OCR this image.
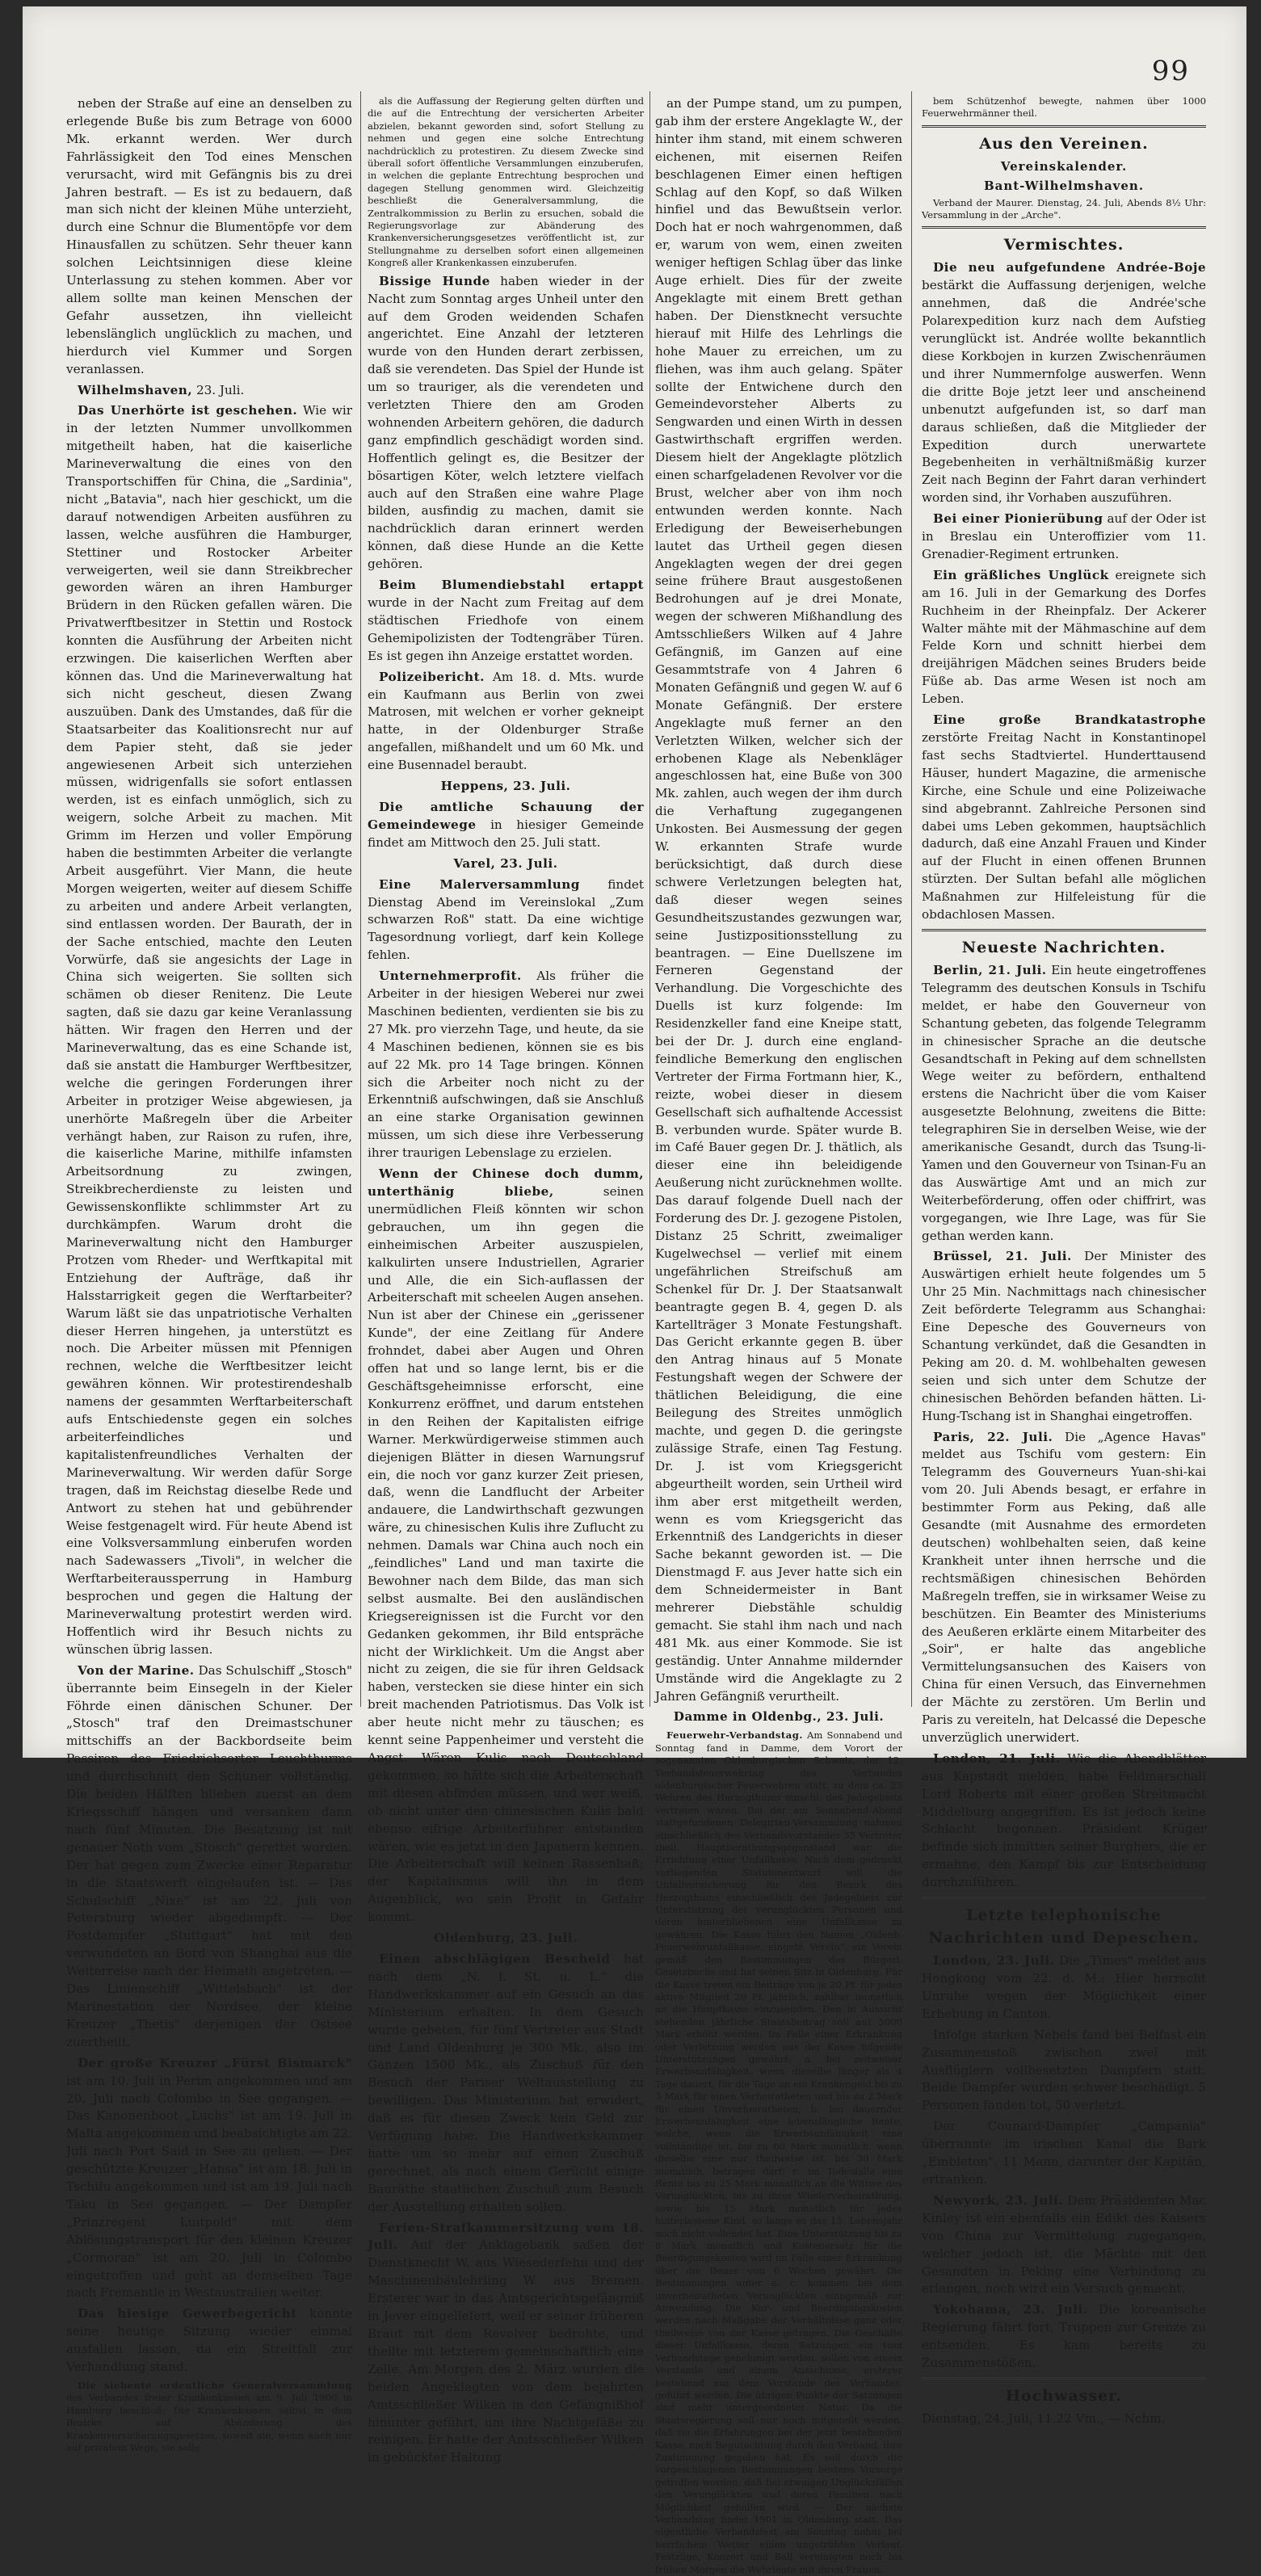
99

neben der Straße auf eine an denselben zu erlegende Buße bis zum Betrage von 6000 Mk. erkannt werden. Wer durch Fahrlässigkeit den Tod eines Menschen verursacht, wird mit Gefängnis bis zu drei Jahren bestraft. — Es ist zu bedauern, daß man sich nicht der kleinen Mühe unterzieht, durch eine Schnur die Blumentöpfe vor dem Hinausfallen zu schützen. Sehr theuer kann solchen Leichtsinnigen diese kleine Unterlassung zu stehen kommen. Aber vor allem sollte man keinen Menschen der Gefahr aussetzen, ihn vielleicht lebenslänglich unglücklich zu machen, und hierdurch viel Kummer und Sorgen veranlassen.

Wilhelmshaven, 23. Juli.

Das Unerhörte ist geschehen. Wie wir in der letzten Nummer unvollkommen mitgetheilt haben, hat die kaiserliche Marineverwaltung die eines von den Transportschiffen für China, die „Sardinia", nicht „Batavia", nach hier geschickt, um die darauf notwendigen Arbeiten ausführen zu lassen, welche ausführen die Hamburger, Stettiner und Rostocker Arbeiter verweigerten, weil sie dann Streikbrecher geworden wären an ihren Hamburger Brüdern in den Rücken gefallen wären. Die Privatwerftbesitzer in Stettin und Rostock konnten die Ausführung der Arbeiten nicht erzwingen. Die kaiserlichen Werften aber können das. Und die Marineverwaltung hat sich nicht gescheut, diesen Zwang auszuüben. Dank des Umstandes, daß für die Staatsarbeiter das Koalitionsrecht nur auf dem Papier steht, daß sie jeder angewiesenen Arbeit sich unterziehen müssen, widrigenfalls sie sofort entlassen werden, ist es einfach unmöglich, sich zu weigern, solche Arbeit zu machen. Mit Grimm im Herzen und voller Empörung haben die bestimmten Arbeiter die verlangte Arbeit ausgeführt. Vier Mann, die heute Morgen weigerten, weiter auf diesem Schiffe zu arbeiten und andere Arbeit verlangten, sind entlassen worden. Der Baurath, der in der Sache entschied, machte den Leuten Vorwürfe, daß sie angesichts der Lage in China sich weigerten. Sie sollten sich schämen ob dieser Renitenz. Die Leute sagten, daß sie dazu gar keine Veranlassung hätten. Wir fragen den Herren und der Marineverwaltung, das es eine Schande ist, daß sie anstatt die Hamburger Werftbesitzer, welche die geringen Forderungen ihrer Arbeiter in protziger Weise abgewiesen, ja unerhörte Maßregeln über die Arbeiter verhängt haben, zur Raison zu rufen, ihre, die kaiserliche Marine, mithilfe infamsten Arbeitsordnung zu zwingen, Streikbrecherdienste zu leisten und Gewissenskonflikte schlimmster Art zu durchkämpfen. Warum droht die Marineverwaltung nicht den Hamburger Protzen vom Rheder- und Werftkapital mit Entziehung der Aufträge, daß ihr Halsstarrigkeit gegen die Werftarbeiter? Warum läßt sie das unpatriotische Verhalten dieser Herren hingehen, ja unterstützt es noch. Die Arbeiter müssen mit Pfennigen rechnen, welche die Werftbesitzer leicht gewähren können. Wir protestirendeshalb namens der gesammten Werftarbeiterschaft aufs Entschiedenste gegen ein solches arbeiterfeindliches und kapitalistenfreundliches Verhalten der Marineverwaltung. Wir werden dafür Sorge tragen, daß im Reichstag dieselbe Rede und Antwort zu stehen hat und gebührender Weise festgenagelt wird. Für heute Abend ist eine Volksversammlung einberufen worden nach Sadewassers „Tivoli", in welcher die Werftarbeiteraussperrung in Hamburg besprochen und gegen die Haltung der Marineverwaltung protestirt werden wird. Hoffentlich wird ihr Besuch nichts zu wünschen übrig lassen.

Von der Marine. Das Schulschiff „Stosch" überrannte beim Einsegeln in der Kieler Föhrde einen dänischen Schuner. Der „Stosch" traf den Dreimastschuner mittschiffs an der Backbordseite beim Passiren des Friedrichsorter Leuchthurms und durchschnitt den Schuner vollständig. Die beiden Hälften blieben zuerst an dem Kriegsschiff hängen und versanken dann nach fünf Minuten. Die Besatzung ist mit genauer Noth vom „Stosch" gerettet worden. Der hat gegen zum Zwecke einer Reparatur in die Staatswerft eingelaufen ist. — Das Schulschiff „Nixe" ist am 22. Juli von Petersburg wieder abgedampft. — Der Postdampfer „Stuttgart" hat mit den verwundeten an Bord von Shanghai aus die Weiterreise nach der Heimath angetreten. — Das Linienschiff „Wittelsbach" ist der Marinestation der Nordsee, der kleine Kreuzer „Thetis" derjenigen der Ostsee zuertheilt.

Der große Kreuzer „Fürst Bismarck" ist am 10. Juli in Perim angekommen und am 20. Juli nach Colombo in See gegangen. — Das Kanonenboot „Luchs" ist am 19. Juli in Malta angekommen und beabsichtigte am 22. Juli nach Port Said in See zu gehen. — Der geschützte Kreuzer „Hansa" ist am 18. Juli in Tschifu angekommen und ist am 19. Juli nach Taku in See gegangen. — Der Dampfer „Prinzregent Luitpold" mit dem Ablösungstransport für den kleinen Kreuzer „Cormoran" ist am 20. Juli in Colombo eingetroffen und geht an demselben Tage nach Fremantle in Westaustralien weiter.

Das hiesige Gewerbegericht konnte seine heutige Sitzung wieder einmal ausfallen lassen, da ein Streitfall zur Verhandlung stand.

Die siebente ordentliche Generalversammlung des Verbandes freier Krankenkassen am 9. Juli 1900 in Hamburg beschloß: Die Krankenkassen selbst in dem Bezirke auf Abänderung des Krankenversicherungsgesetzes, soweit sie, wenn auch nur auf privatem Wege, sie solle

als die Auffassung der Regierung gelten dürften und die auf die Entrechtung der versicherten Arbeiter abzielen, bekannt geworden sind, sofort Stellung zu nehmen und gegen eine solche Entrechtung nachdrücklich zu protestiren. Zu diesem Zwecke sind überall sofort öffentliche Versammlungen einzuberufen, in welchen die geplante Entrechtung besprochen und dagegen Stellung genommen wird. Gleichzeitig beschließt die Generalversammlung, die Zentralkommission zu Berlin zu ersuchen, sobald die Regierungsvorlage zur Abänderung des Krankenversicherungsgesetzes veröffentlicht ist, zur Stellungnahme zu derselben sofort einen allgemeinen Kongreß aller Krankenkassen einzuberufen.

Bissige Hunde haben wieder in der Nacht zum Sonntag arges Unheil unter den auf dem Groden weidenden Schafen angerichtet. Eine Anzahl der letzteren wurde von den Hunden derart zerbissen, daß sie verendeten. Das Spiel der Hunde ist um so trauriger, als die verendeten und verletzten Thiere den am Groden wohnenden Arbeitern gehören, die dadurch ganz empfindlich geschädigt worden sind. Hoffentlich gelingt es, die Besitzer der bösartigen Köter, welch letztere vielfach auch auf den Straßen eine wahre Plage bilden, ausfindig zu machen, damit sie nachdrücklich daran erinnert werden können, daß diese Hunde an die Kette gehören.

Beim Blumendiebstahl ertappt wurde in der Nacht zum Freitag auf dem städtischen Friedhofe von einem Gehemipolizisten der Todtengräber Türen. Es ist gegen ihn Anzeige erstattet worden.

Polizeibericht. Am 18. d. Mts. wurde ein Kaufmann aus Berlin von zwei Matrosen, mit welchen er vorher gekneipt hatte, in der Oldenburger Straße angefallen, mißhandelt und um 60 Mk. und eine Busennadel beraubt.

Heppens, 23. Juli.

Die amtliche Schauung der Gemeindewege in hiesiger Gemeinde findet am Mittwoch den 25. Juli statt.

Varel, 23. Juli.

Eine Malerversammlung findet Dienstag Abend im Vereinslokal „Zum schwarzen Roß" statt. Da eine wichtige Tagesordnung vorliegt, darf kein Kollege fehlen.

Unternehmerprofit. Als früher die Arbeiter in der hiesigen Weberei nur zwei Maschinen bedienten, verdienten sie bis zu 27 Mk. pro vierzehn Tage, und heute, da sie 4 Maschinen bedienen, können sie es bis auf 22 Mk. pro 14 Tage bringen. Können sich die Arbeiter noch nicht zu der Erkenntniß aufschwingen, daß sie Anschluß an eine starke Organisation gewinnen müssen, um sich diese ihre Verbesserung ihrer traurigen Lebenslage zu erzielen.

Wenn der Chinese doch dumm, unterthänig bliebe,	seinen unermüdlichen Fleiß könnten wir schon gebrauchen, um ihn gegen die einheimischen Arbeiter auszuspielen, kalkulirten unsere Industriellen, Agrarier und Alle, die ein Sich-auflassen der Arbeiterschaft mit scheelen Augen ansehen. Nun ist aber der Chinese ein „gerissener Kunde", der eine Zeitlang für Andere frohndet, dabei aber Augen und Ohren offen hat und so lange lernt, bis er die Geschäftsgeheimnisse erforscht, eine Konkurrenz eröffnet, und darum entstehen in den Reihen der Kapitalisten eifrige Warner. Merkwürdigerweise stimmen auch diejenigen Blätter in diesen Warnungsruf ein, die noch vor ganz kurzer Zeit priesen, daß, wenn die Landflucht der Arbeiter andauere, die Landwirthschaft gezwungen wäre, zu chinesischen Kulis ihre Zuflucht zu nehmen. Damals war China auch noch ein „feindliches" Land und man taxirte die Bewohner nach dem Bilde, das man sich selbst ausmalte. Bei den ausländischen Kriegsereignissen ist die Furcht vor den Gedanken gekommen, ihr Bild entspräche nicht der Wirklichkeit. Um die Angst aber nicht zu zeigen, die sie für ihren Geldsack haben, verstecken sie diese hinter ein sich breit machenden Patriotismus. Das Volk ist aber heute nicht mehr zu täuschen; es kennt seine Pappenheimer und versteht die Angst. Wären Kulis nach Deutschland gekommen, so hätte sich die Arbeiterschaft mit diesen abfinden müssen, und wer weiß, ob nicht unter den chinesischen Kulis bald ebenso eifrige Arbeiterführer entstanden wären, wie es jetzt in den Japanern kennen. Die Arbeiterschaft will keinen Rassenhaß; der Kapitalismus will ihn in dem Augenblick, wo sein Profit in Gefahr kommt.

Oldenburg, 23. Juli.

Einen abschlägigen Bescheid hat nach dem „N. f. St. u. L." die Handwerkskammer auf ein Gesuch an das Ministerium erhalten. In dem Gesuch wurde gebeten, für fünf Vertreter aus Stadt und Land Oldenburg je 300 Mk., also im Ganzen 1500 Mk., als Zuschuß für den Besuch der Pariser Weltausstellung zu bewilligen. Das Ministerium hat erwidert, daß es für diesen Zweck kein Geld zur Verfügung habe. Die Handwerkskammer hatte um so mehr auf einen Zuschuß gerechnet, als nach einem Gerücht einige Bauräthe staatlichen Zuschuß zum Besuch der Ausstellung erhalten sollen.

Ferien-Strafkammersitzung vom 18. Juli. Auf der Anklagebank saßen der Dienstknecht W. aus Wiesederfehn und der Maschinenbaulehrling W. aus Bremen. Ersterer war in das Amtsgerichtsgefängniß in Jever eingeliefert, weil er seiner früheren Braut mit dem Revolver bedrohte, und theilte mit letzterem gemeinschaftlich eine Zelle. Am Morgen des 2. März wurden die beiden Angeklagten von dem bejahrten Amtsschließer Wilken in den Gefängnißhof hinunter geführt, um ihre Nachtgefäße zu reinigen. Er hatte der Amtsschließer Wilken in gebückter Haltung

an der Pumpe stand, um zu pumpen, gab ihm der erstere Angeklagte W., der hinter ihm stand, mit einem schweren eichenen, mit eisernen Reifen beschlagenen Eimer einen heftigen Schlag auf den Kopf, so daß Wilken hinfiel und das Bewußtsein verlor. Doch hat er noch wahrgenommen, daß er, warum von wem, einen zweiten weniger heftigen Schlag über das linke Auge erhielt. Dies für der zweite Angeklagte mit einem Brett gethan haben. Der Dienstknecht versuchte hierauf mit Hilfe des Lehrlings die hohe Mauer zu erreichen, um zu fliehen, was ihm auch gelang. Später sollte der Entwichene durch den Gemeindevorsteher Alberts zu Sengwarden und einen Wirth in dessen Gastwirthschaft ergriffen werden. Diesem hielt der Angeklagte plötzlich einen scharfgeladenen Revolver vor die Brust, welcher aber von ihm noch entwunden werden konnte. Nach Erledigung der Beweiserhebungen lautet das Urtheil gegen diesen Angeklagten wegen der drei gegen seine frühere Braut ausgestoßenen Bedrohungen auf je drei Monate, wegen der schweren Mißhandlung des Amtsschließers Wilken auf 4 Jahre Gefängniß, im Ganzen auf eine Gesammtstrafe von 4 Jahren 6 Monaten Gefängniß und gegen W. auf 6 Monate Gefängniß. Der erstere Angeklagte muß ferner an den Verletzten Wilken, welcher sich der erhobenen Klage als Nebenkläger angeschlossen hat, eine Buße von 300 Mk. zahlen, auch wegen der ihm durch die Verhaftung zugegangenen Unkosten. Bei Ausmessung der gegen W. erkannten Strafe wurde berücksichtigt, daß durch diese schwere Verletzungen belegten hat, daß dieser wegen seines Gesundheitszustandes gezwungen war, seine Justizpositionsstellung zu beantragen. — Eine Duellszene im Ferneren Gegenstand der Verhandlung. Die Vorgeschichte des Duells ist kurz folgende: Im Residenzkeller fand eine Kneipe statt, bei der Dr. J. durch eine england-feindliche Bemerkung den englischen Vertreter der Firma Fortmann hier, K., reizte, wobei dieser in diesem Gesellschaft sich aufhaltende Accessist B. verbunden wurde. Später wurde B. im Café Bauer gegen Dr. J. thätlich, als dieser eine ihn beleidigende Aeußerung nicht zurücknehmen wollte. Das darauf folgende Duell nach der Forderung des Dr. J. gezogene Pistolen, Distanz 25 Schritt, zweimaliger Kugelwechsel — verlief mit einem ungefährlichen Streifschuß am Schenkel für Dr. J. Der Staatsanwalt beantragte gegen B. 4, gegen D. als Kartellträger 3 Monate Festungshaft. Das Gericht erkannte gegen B. über den Antrag hinaus auf 5 Monate Festungshaft wegen der Schwere der thätlichen Beleidigung, die eine Beilegung des Streites unmöglich machte, und gegen D. die geringste zulässige Strafe, einen Tag Festung. Dr. J. ist vom Kriegsgericht abgeurtheilt worden, sein Urtheil wird ihm aber erst mitgetheilt werden, wenn es vom Kriegsgericht das Erkenntniß des Landgerichts in dieser Sache bekannt geworden ist. — Die Dienstmagd F. aus Jever hatte sich ein dem Schneidermeister in Bant mehrerer Diebstähle schuldig gemacht. Sie stahl ihm nach und nach 481 Mk. aus einer Kommode. Sie ist geständig. Unter Annahme mildernder Umstände wird die Angeklagte zu 2 Jahren Gefängniß verurtheilt.

Damme in Oldenbg., 23. Juli.

Feuerwehr-Verbandstag. Am Sonnabend und Sonntag fand in Damme, dem Vorort der sogenannten Oldenburgischen Schweiz, der 12. Verbandsfeuerwehrtag des Verbandes oldenburgischer Feuerwehren statt, zu dem ca. 25 Wehren des Herzogthums einschl. des Jadegebiets vertreten waren. Bei der am Sonnabend-Abend stattgefundenen Delegirten-Versammlung nahmen einschließlich des Verbandsvorstandes 55 Vertreter theil. Hauptberathungsgegenstand war die Errichtung einer Unfallkasse. Nach dem gedruckt vorliegenden Statutenentwurf soll die Unfallversicherung für den Bezirk des Herzogthums einschließlich des Jadegebiets zur Unterstützung der verunglückten Personen und deren hinterbliebenen eine Unfallkasse zu gewähren. Die Kasse führt den Namen „Oldenb. Feuerwehrunfallkasse, eingetr. Verein", ein Verein gemäß den Bestimmungen des Bürgerl. Gesetzbuchs und hat seinen Sitz in Oldenburg. Für die Kasse treten ein Beiträge von je 20 Pf. für jedes aktive Mitglied 20 Pf. jährlich, zahlbar monatlich an die Hauptkasse einzusenden. Den in Aussicht stehenden jährliche Staatsbeitrag soll auf 5000 Mark erhöht werden. Im Falle einer Erkrankung oder Verletzung werden aus der Kasse folgende Unterstützungen gewährt: a. bei zeitweiser Erwerbsunfähigkeit, wenn dieselbe länger als 4 Tage dauert, für die Tage an ein Krankengeld bis zu 3 Mark für einen Verheiratheten und bis zu 2 Mark für einen Unverheiratheten; b. bei dauernder Erwerbsunfähigkeit eine lebenslängliche Rente, welche, wenn die Erwerbsunfähigkeit eine vollständige ist, bis zu 60 Mark monatlich, wenn dieselbe eine nur theilweise ist, bis 30 Mark monatlich, betragen darf; c. im Todesfalle eine Rente bis zu 25 Mark monatlich an die Wittwe des Verunglückten, bis zu ihrer Wiederverheirathung, sowie bis 15 Mark monatlich für jedes hinterlassene Kind, so lange es das 15. Lebensjahr noch nicht vollendet hat. Eine Unterstützung bis zu 8 Mark monatlich und Kostenersatz für die Beerdigungskosten wird im Falle einer Erkrankung über die Dauer von 6 Wochen gewährt. Die Bestimmungen unter a. c. kommen bei dem unverheiratheten Verunglückten sinngemäß zur Anwendung. Die Kur- und Beerdigungskosten werden nach Maßgabe der Verhältnisse ganz oder theilweise von der Kasse getragen. Die Geschäfte dieser Unfallkasse, deren Satzungen ein vom Verbandstage genehmigt werden, sollen von einem Vorstande und einem Ausschusse, ersterer bestehend aus dem Vorstande des Verbandes, geführt werden. Die übrigen Punkte der Satzungen sind mehr untergeordneter Natur. Da die Staatsregierung soll nur noch mitgeteilt werden, daß sie die Erfahrungen bei der jetzt bestehenden Kasse, nach Begutachtung durch den Verband, ihre Zustimmung gegeben hat. Es soll durch die vorgeschlagenen Bestimmungen bestens Vorsorge getroffen werden, daß bei etwaigen Unglücksfällen den Verunglückten und deren Familien nach Möglichkeit geholfen wird. — Der nächste Verbandstag findet 1901 in Oldenburg statt. Das eigentliche Verbandsfest am Sonntag nahm bei herrlichem Wetter einen ungetrübten Verlauf. Festzüge, Konzert und Ball vereinigten noch bis frühen Morgen die Wehrleute mit ihren Frauen.

bem Schützenhof bewegte, nahmen über 1000 Feuerwehrmänner theil.

Aus den Vereinen.
Vereinskalender.
Bant-Wilhelmshaven.

Verband der Maurer. Dienstag, 24. Juli, Abends 8½ Uhr: Versammlung in der „Arche".

Vermischtes.

Die neu aufgefundene Andrée-Boje bestärkt die Auffassung derjenigen, welche annehmen, daß die Andrée'sche Polarexpedition kurz nach dem Aufstieg verunglückt ist. Andrée wollte bekanntlich diese Korkbojen in kurzen Zwischenräumen und ihrer Nummernfolge auswerfen. Wenn die dritte Boje jetzt leer und anscheinend unbenutzt aufgefunden ist, so darf man daraus schließen, daß die Mitglieder der Expedition durch unerwartete Begebenheiten in verhältnißmäßig kurzer Zeit nach Beginn der Fahrt daran verhindert worden sind, ihr Vorhaben auszuführen.

Bei einer Pionierübung auf der Oder ist in Breslau ein Unteroffizier vom 11. Grenadier-Regiment ertrunken.

Ein gräßliches Unglück ereignete sich am 16. Juli in der Gemarkung des Dorfes Ruchheim in der Rheinpfalz. Der Ackerer Walter mähte mit der Mähmaschine auf dem Felde Korn und schnitt hierbei dem dreijährigen Mädchen seines Bruders beide Füße ab. Das arme Wesen ist noch am Leben.

Eine große Brandkatastrophe zerstörte Freitag Nacht in Konstantinopel fast sechs Stadtviertel. Hunderttausend Häuser, hundert Magazine, die armenische Kirche, eine Schule und eine Polizeiwache sind abgebrannt. Zahlreiche Personen sind dabei ums Leben gekommen, hauptsächlich dadurch, daß eine Anzahl Frauen und Kinder auf der Flucht in einen offenen Brunnen stürzten. Der Sultan befahl alle möglichen Maßnahmen zur Hilfeleistung für die obdachlosen Massen.

Neueste Nachrichten.

Berlin, 21. Juli. Ein heute eingetroffenes Telegramm des deutschen Konsuls in Tschifu meldet, er habe den Gouverneur von Schantung gebeten, das folgende Telegramm in chinesischer Sprache an die deutsche Gesandtschaft in Peking auf dem schnellsten Wege weiter zu befördern, enthaltend erstens die Nachricht über die vom Kaiser ausgesetzte Belohnung, zweitens die Bitte: telegraphiren Sie in derselben Weise, wie der amerikanische Gesandt, durch das Tsung-li-Yamen und den Gouverneur von Tsinan-Fu an das Auswärtige Amt und an mich zur Weiterbeförderung, offen oder chiffrirt, was vorgegangen, wie Ihre Lage, was für Sie gethan werden kann.

Brüssel, 21. Juli. Der Minister des Auswärtigen erhielt heute folgendes um 5 Uhr 25 Min. Nachmittags nach chinesischer Zeit beförderte Telegramm aus Schanghai: Eine Depesche des Gouverneurs von Schantung verkündet, daß die Gesandten in Peking am 20. d. M. wohlbehalten gewesen seien und sich unter dem Schutze der chinesischen Behörden befanden hätten. Li-Hung-Tschang ist in Shanghai eingetroffen.

Paris, 22. Juli. Die „Agence Havas" meldet aus Tschifu vom gestern: Ein Telegramm des Gouverneurs Yuan-shi-kai vom 20. Juli Abends besagt, er erfahre in bestimmter Form aus Peking, daß alle Gesandte (mit Ausnahme des ermordeten deutschen) wohlbehalten seien, daß keine Krankheit unter ihnen herrsche und die rechtsmäßigen chinesischen Behörden Maßregeln treffen, sie in wirksamer Weise zu beschützen. Ein Beamter des Ministeriums des Aeußeren erklärte einem Mitarbeiter des „Soir", er halte das angebliche Vermittelungsansuchen des Kaisers von China für einen Versuch, das Einvernehmen der Mächte zu zerstören. Um Berlin und Paris zu vereiteln, hat Delcassé die Depesche unverzüglich unerwidert.

London, 21. Juli. Wie die Abendblätter aus Kapstadt melden, habe Feldmarschall Lord Roberts mit einer großen Streitmacht Middelburg angegriffen. Es ist jedoch keine Schlacht begonnen. Präsident Krüger befinde sich inmitten seiner Burghers, die er ermahne, den Kampf bis zur Entscheidung durchzuführen.

Letzte telephonische Nachrichten und Depeschen.

London, 23. Juli. Die „Times" meldet aus Hongkong vom 22. d. M.: Hier herrscht Unruhe wegen der Möglichkeit einer Erhebung in Canton.

Infolge starken Nebels fand bei Belfast ein Zusammenstoß zwischen zwei mit Ausflüglern vollbesetzten Dampfern statt. Beide Dampfer wurden schwer beschädigt. 5 Personen fanden tot, 50 verletzt.

Der Counard-Dampfer „Campania" überrannte im irischen Kanal die Bark „Embleton". 11 Mann, darunter der Kapitän, ertranken.

Newyork, 23. Juli. Dem Präsidenten Mac Kinley ist ein ebenfalls ein Edikt des Kaisers von China zur Vermittelung zugegangen, welcher jedoch ist, die Mächte mit den Gesandten in Peking eine Verbindung zu erlangen, noch wird ein Versuch gemacht.

Yokohama, 23. Juli. Die koreanische Regierung fährt fort, Truppen zur Grenze zu entsenden. Es kam bereits zu Zusammenstößen.

Hochwasser.

Dienstag, 24. Juli, 11.22 Vm., — Nchm.
